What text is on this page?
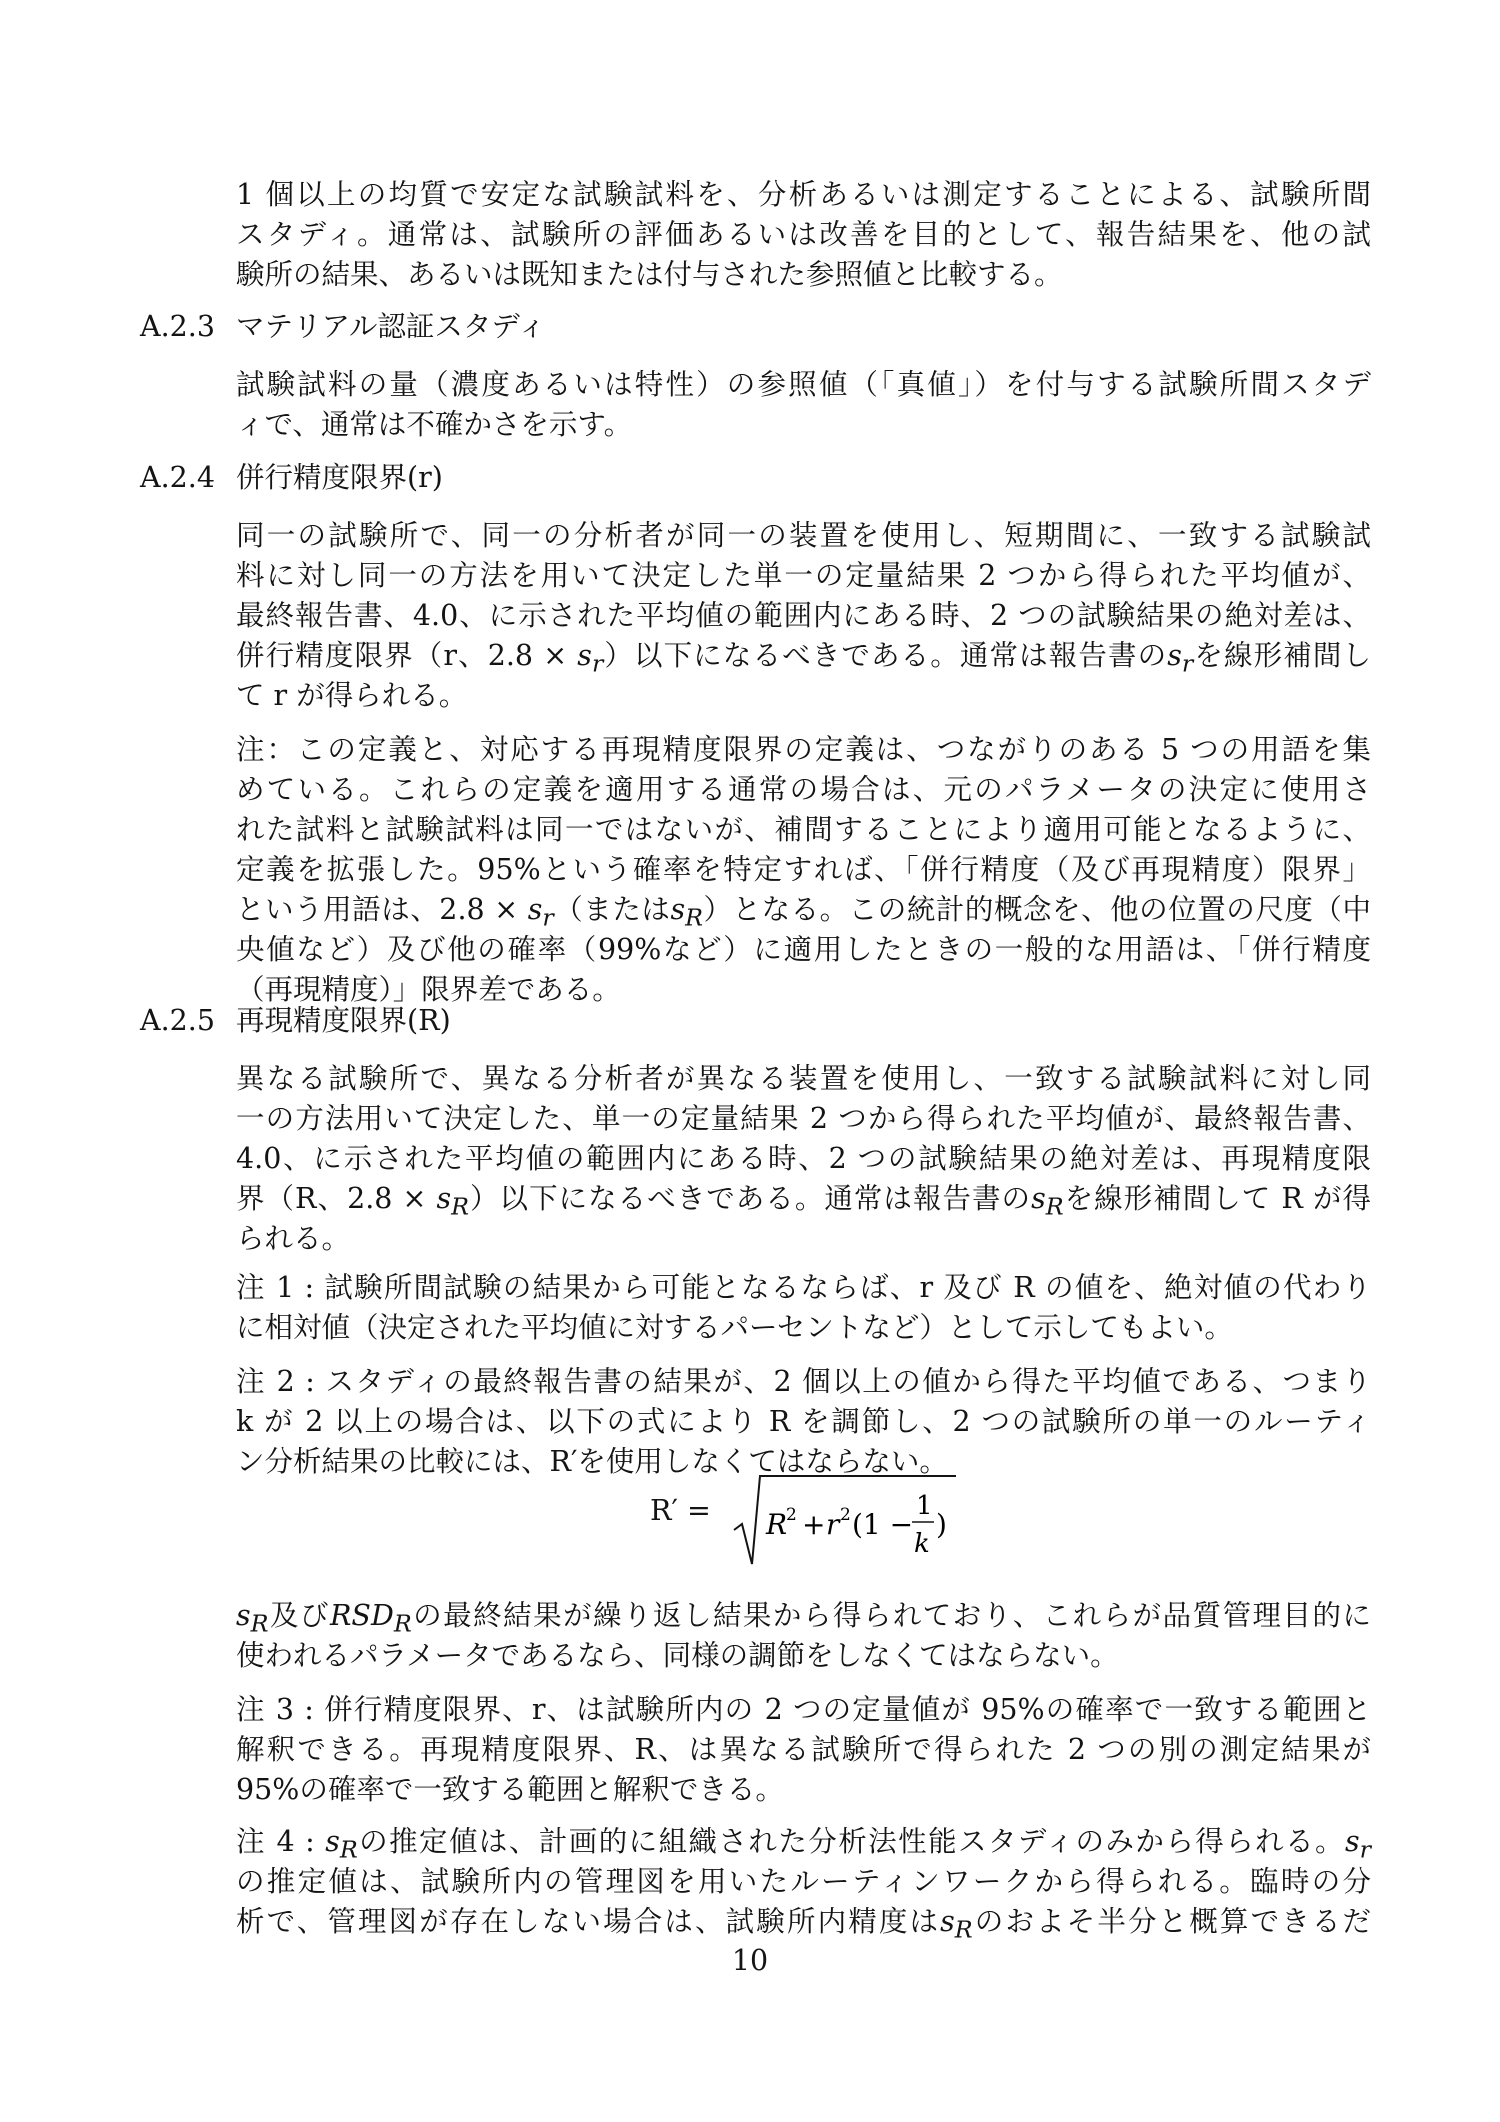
1 個以上の均質で安定な試験試料を、分析あるいは測定することによる、試験所間
スタディ。通常は、試験所の評価あるいは改善を目的として、報告結果を、他の試
験所の結果、あるいは既知または付与された参照値と比較する。
A.2.3 マテリアル認証スタディ
試験試料の量（濃度あるいは特性）の参照値（「真値」）を付与する試験所間スタデ
ィで、通常は不確かさを示す。
A.2.4 併行精度限界(r)
同一の試験所で、同一の分析者が同一の装置を使用し、短期間に、一致する試験試
料に対し同一の方法を用いて決定した単一の定量結果 2 つから得られた平均値が、
最終報告書、4.0、に示された平均値の範囲内にある時、2 つの試験結果の絶対差は、
併行精度限界（r、$2.8 \times s_r$）以下になるべきである。通常は報告書の$s_r$を線形補間し
て r が得られる。
注：この定義と、対応する再現精度限界の定義は、つながりのある 5 つの用語を集
めている。これらの定義を適用する通常の場合は、元のパラメータの決定に使用さ
れた試料と試験試料は同一ではないが、補間することにより適用可能となるように、
定義を拡張した。95%という確率を特定すれば、「併行精度（及び再現精度）限界」
という用語は、$2.8 \times s_r$（または$s_R$）となる。この統計的概念を、他の位置の尺度（中
央値など）及び他の確率（99%など）に適用したときの一般的な用語は、「併行精度
（再現精度）」限界差である。
A.2.5 再現精度限界(R)
異なる試験所で、異なる分析者が異なる装置を使用し、一致する試験試料に対し同
一の方法用いて決定した、単一の定量結果 2 つから得られた平均値が、最終報告書、
4.0、に示された平均値の範囲内にある時、2 つの試験結果の絶対差は、再現精度限
界（R、$2.8 \times s_R$）以下になるべきである。通常は報告書の$s_R$を線形補間して R が得
られる。
注 1 : 試験所間試験の結果から可能となるならば、r 及び R の値を、絶対値の代わり
に相対値（決定された平均値に対するパーセントなど）として示してもよい。
注 2 : スタディの最終報告書の結果が、2 個以上の値から得た平均値である、つまり
k が 2 以上の場合は、以下の式により R を調節し、2 つの試験所の単一のルーティ
ン分析結果の比較には、R′を使用しなくてはならない。
R′ = R
2 + r 2 (1 −
1
k
)
$s_R$及び$RSD_R$の最終結果が繰り返し結果から得られており、これらが品質管理目的に
使われるパラメータであるなら、同様の調節をしなくてはならない。
注 3 : 併行精度限界、r、は試験所内の 2 つの定量値が 95%の確率で一致する範囲と
解釈できる。再現精度限界、R、は異なる試験所で得られた 2 つの別の測定結果が
95%の確率で一致する範囲と解釈できる。
注 4 : $s_R$の推定値は、計画的に組織された分析法性能スタディのみから得られる。$s_r$
の推定値は、試験所内の管理図を用いたルーティンワークから得られる。臨時の分
析で、管理図が存在しない場合は、試験所内精度は$s_R$のおよそ半分と概算できるだ
10
